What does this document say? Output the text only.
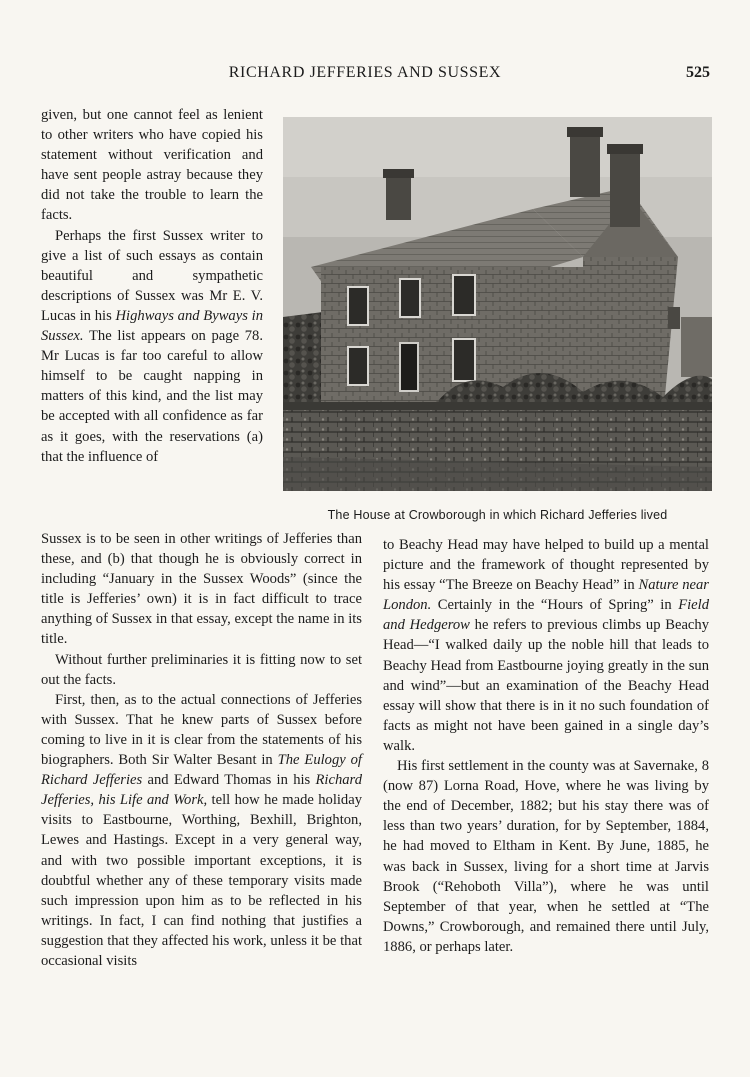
RICHARD JEFFERIES AND SUSSEX	525

given, but one cannot feel as lenient to other writers who have copied his statement without verification and have sent people astray because they did not take the trouble to learn the facts.

Perhaps the first Sussex writer to give a list of such essays as contain beautiful and sympathetic descriptions of Sussex was Mr E. V. Lucas in his Highways and Byways in Sussex. The list appears on page 78. Mr Lucas is far too careful to allow himself to be caught napping in matters of this kind, and the list may be accepted with all confidence as far as it goes, with the reservations (a) that the influence of

The House at Crowborough in which Richard Jefferies lived

Sussex is to be seen in other writings of Jefferies than these, and (b) that though he is obviously correct in including “January in the Sussex Woods” (since the title is Jefferies’ own) it is in fact difficult to trace anything of Sussex in that essay, except the name in its title.

Without further preliminaries it is fitting now to set out the facts.

First, then, as to the actual connections of Jefferies with Sussex. That he knew parts of Sussex before coming to live in it is clear from the statements of his biographers. Both Sir Walter Besant in The Eulogy of Richard Jefferies and Edward Thomas in his Richard Jefferies, his Life and Work, tell how he made holiday visits to Eastbourne, Worthing, Bexhill, Brighton, Lewes and Hastings. Except in a very general way, and with two possible important exceptions, it is doubtful whether any of these temporary visits made such impression upon him as to be reflected in his writings. In fact, I can find nothing that justifies a suggestion that they affected his work, unless it be that occasional visits

to Beachy Head may have helped to build up a mental picture and the framework of thought represented by his essay “The Breeze on Beachy Head” in Nature near London. Certainly in the “Hours of Spring” in Field and Hedgerow he refers to previous climbs up Beachy Head—“I walked daily up the noble hill that leads to Beachy Head from Eastbourne joying greatly in the sun and wind”—but an examination of the Beachy Head essay will show that there is in it no such foundation of facts as might not have been gained in a single day’s walk.

His first settlement in the county was at Savernake, 8 (now 87) Lorna Road, Hove, where he was living by the end of December, 1882; but his stay there was of less than two years’ duration, for by September, 1884, he had moved to Eltham in Kent. By June, 1885, he was back in Sussex, living for a short time at Jarvis Brook (“Rehoboth Villa”), where he was until September of that year, when he settled at “The Downs,” Crowborough, and remained there until July, 1886, or perhaps later.
